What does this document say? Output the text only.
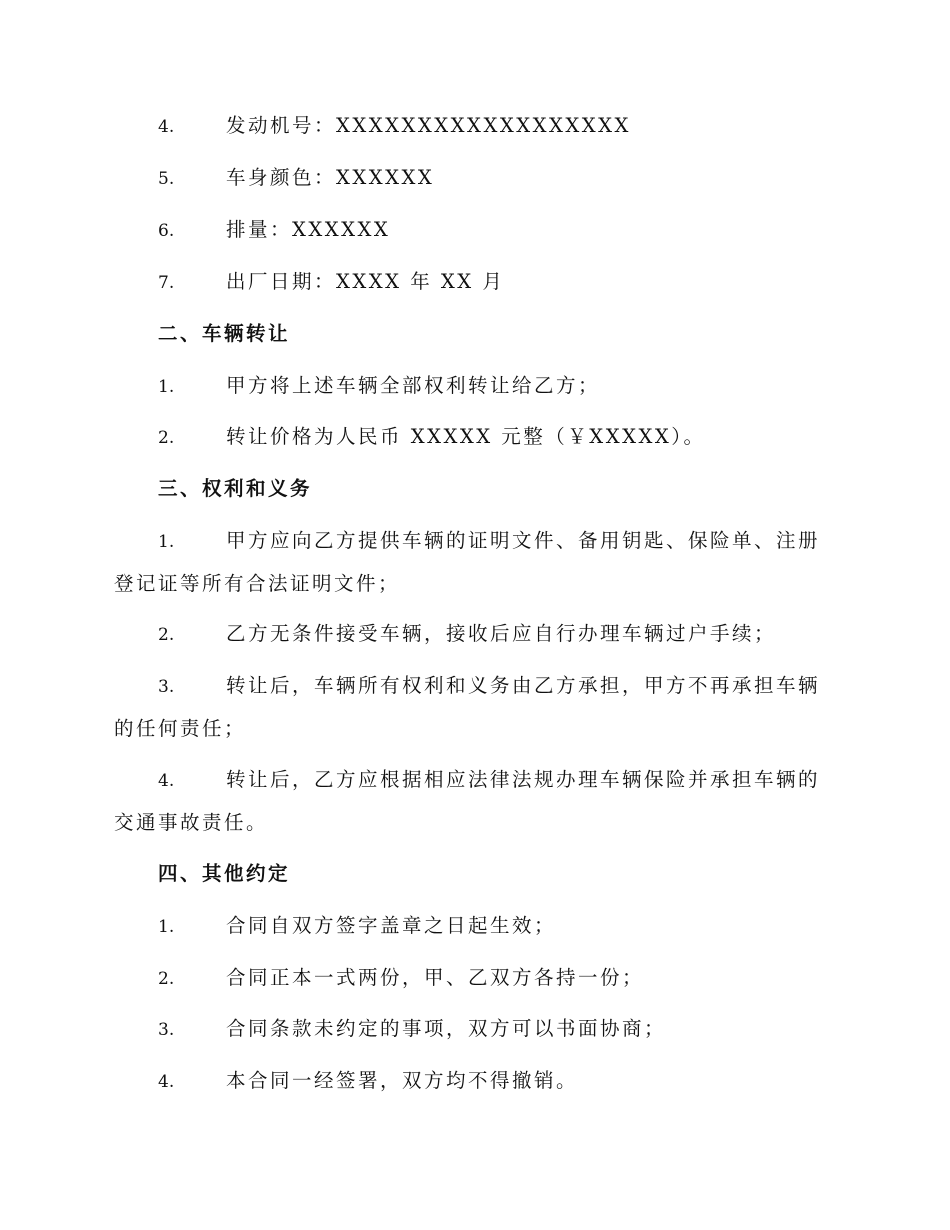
4.	发动机号：XXXXXXXXXXXXXXXXXX
5.	车身颜色：XXXXXX
6.	排量：XXXXXX
7.	出厂日期：XXXX 年 XX 月
二、车辆转让
1.	甲方将上述车辆全部权利转让给乙方；
2.	转让价格为人民币 XXXXX 元整（￥XXXXX）。
三、权利和义务
1.	甲方应向乙方提供车辆的证明文件、备用钥匙、保险单、注册登记证等所有合法证明文件；
2.	乙方无条件接受车辆，接收后应自行办理车辆过户手续；
3.	转让后，车辆所有权利和义务由乙方承担，甲方不再承担车辆的任何责任；
4.	转让后，乙方应根据相应法律法规办理车辆保险并承担车辆的交通事故责任。
四、其他约定
1.	合同自双方签字盖章之日起生效；
2.	合同正本一式两份，甲、乙双方各持一份；
3.	合同条款未约定的事项，双方可以书面协商；
4.	本合同一经签署，双方均不得撤销。
